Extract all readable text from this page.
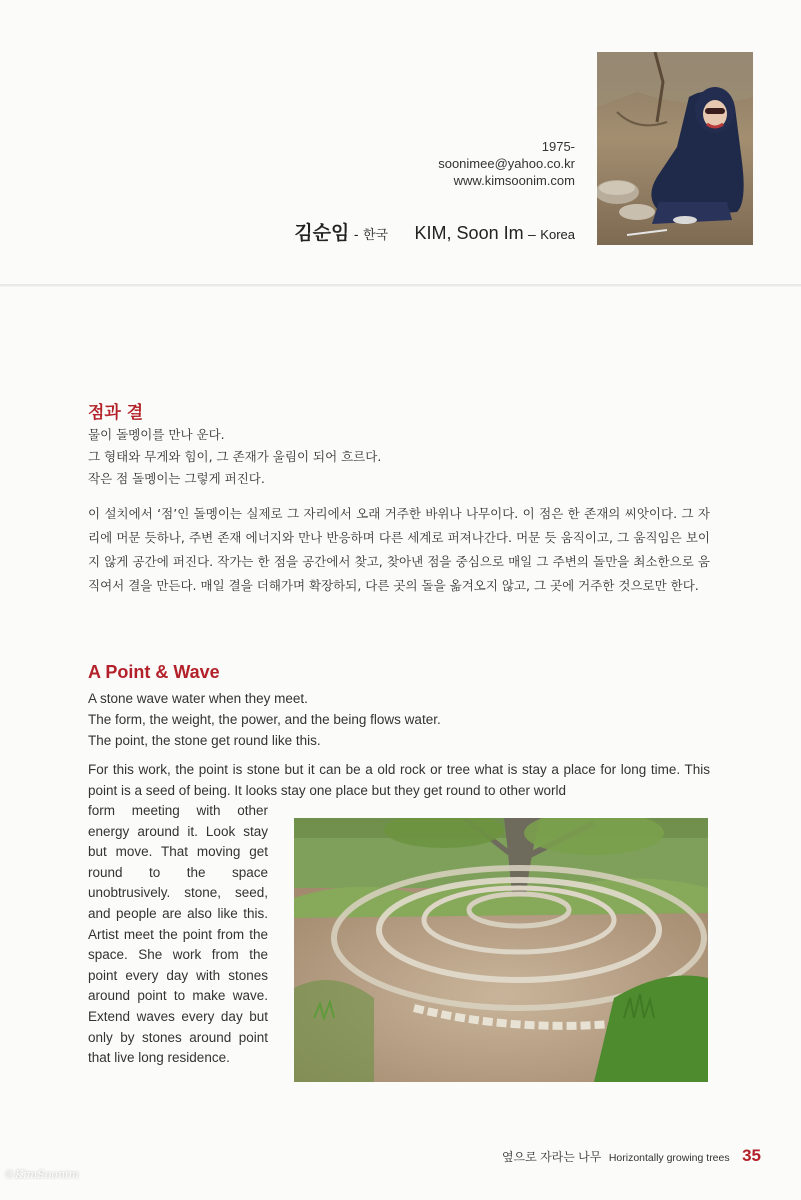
1975-
soonimee@yahoo.co.kr
www.kimsoonim.com
김순임 - 한국 KIM, Soon Im – Korea
점과 결
물이 돌멩이를 만나 운다.
그 형태와 무게와 힘이, 그 존재가 울림이 되어 흐르다.
작은 점 돌멩이는 그렇게 퍼진다.
이 설치에서 ‘점’인 돌멩이는 실제로 그 자리에서 오래 거주한 바위나 나무이다. 이 점은 한 존재의 씨앗이다. 그 자리에 머문 듯하나, 주변 존재 에너지와 만나 반응하며 다른 세계로 퍼져나간다. 머문 듯 움직이고, 그 움직임은 보이지 않게 공간에 퍼진다. 작가는 한 점을 공간에서 찾고, 찾아낸 점을 중심으로 매일 그 주변의 돌만을 최소한으로 움직여서 결을 만든다. 매일 결을 더해가며 확장하되, 다른 곳의 돌을 옮겨오지 않고, 그 곳에 거주한 것으로만 한다.
A Point & Wave
A stone wave water when they meet.
The form, the weight, the power, and the being flows water.
The point, the stone get round like this.
For this work, the point is stone but it can be a old rock or tree what is stay a place for long time. This point is a seed of being. It looks stay one place but they get round to other world
form meeting with other energy around it. Look stay but move. That moving get round to the space unobtrusively. stone, seed, and people are also like this. Artist meet the point from the space. She work from the point every day with stones around point to make wave. Extend waves every day but only by stones around point that live long residence.
옆으로 자라는 나무 Horizontally growing trees 35
©KimSoonim
